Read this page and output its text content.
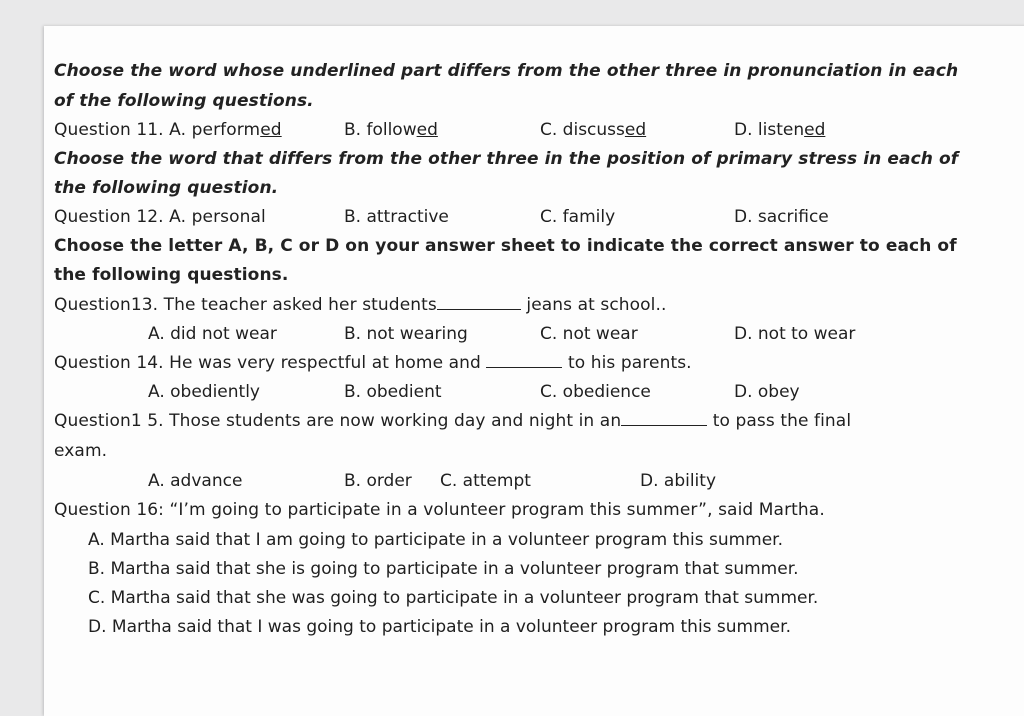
Choose the word whose underlined part differs from the other three in pronunciation in each
of the following questions.
Question 11. A. performed	B. followed	C. discussed	D. listened
Choose the word that differs from the other three in the position of primary stress in each of
the following question.
Question 12. A. personal	B. attractive	C. family	D. sacrifice
Choose the letter A, B, C or D on your answer sheet to indicate the correct answer to each of
the following questions.
Question13. The teacher asked her students	jeans at school..
A. did not wear	B. not wearing	C. not wear	D. not to wear
Question 14. He was very respectful at home and	to his parents.
A. obediently	B. obedient	C. obedience	D. obey
Question1 5. Those students are now working day and night in an	to pass the final
exam.
A. advance	B. order C. attempt	D. ability
Question 16: “I’m going to participate in a volunteer program this summer”, said Martha.
A. Martha said that I am going to participate in a volunteer program this summer.
B. Martha said that she is going to participate in a volunteer program that summer.
C. Martha said that she was going to participate in a volunteer program that summer.
D. Martha said that I was going to participate in a volunteer program this summer.
